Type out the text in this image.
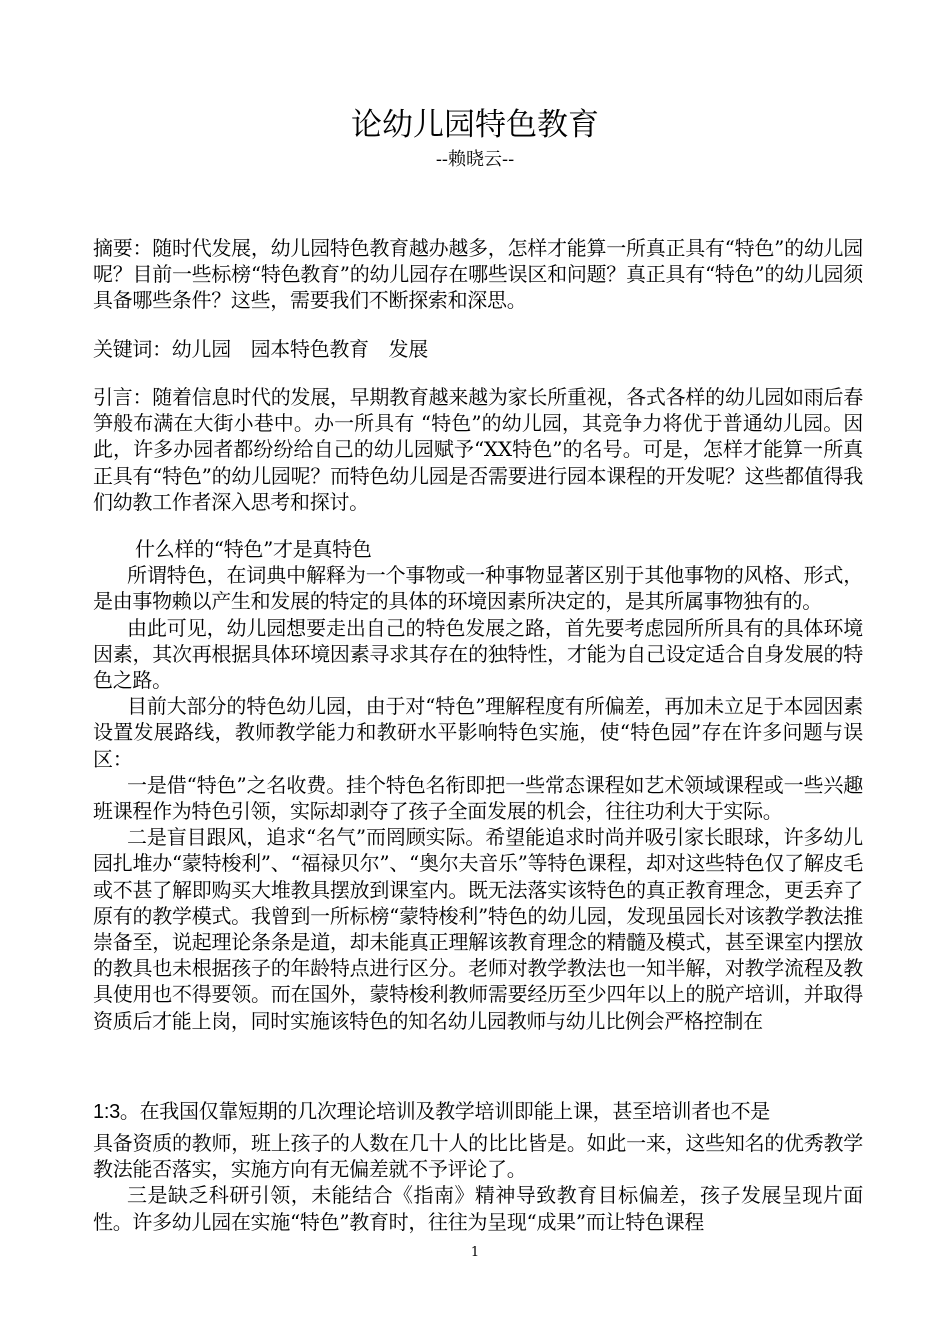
论幼儿园特色教育
--赖晓云--

摘要：随时代发展，幼儿园特色教育越办越多，怎样才能算一所真正具有“特色”的幼儿园呢？目前一些标榜“特色教育”的幼儿园存在哪些误区和问题？真正具有“特色”的幼儿园须具备哪些条件？这些，需要我们不断探索和深思。

关键词：幼儿园　园本特色教育　发展

引言：随着信息时代的发展，早期教育越来越为家长所重视，各式各样的幼儿园如雨后春笋般布满在大街小巷中。办一所具有 “特色”的幼儿园，其竞争力将优于普通幼儿园。因此，许多办园者都纷纷给自己的幼儿园赋予“XX特色”的名号。可是，怎样才能算一所真正具有“特色”的幼儿园呢？而特色幼儿园是否需要进行园本课程的开发呢？这些都值得我们幼教工作者深入思考和探讨。

什么样的“特色”才是真特色

所谓特色，在词典中解释为一个事物或一种事物显著区别于其他事物的风格、形式，是由事物赖以产生和发展的特定的具体的环境因素所决定的，是其所属事物独有的。

由此可见，幼儿园想要走出自己的特色发展之路，首先要考虑园所所具有的具体环境因素，其次再根据具体环境因素寻求其存在的独特性，才能为自己设定适合自身发展的特色之路。

目前大部分的特色幼儿园，由于对“特色”理解程度有所偏差，再加未立足于本园因素设置发展路线，教师教学能力和教研水平影响特色实施，使“特色园”存在许多问题与误区：

一是借“特色”之名收费。挂个特色名衔即把一些常态课程如艺术领域课程或一些兴趣班课程作为特色引领，实际却剥夺了孩子全面发展的机会，往往功利大于实际。

二是盲目跟风，追求“名气”而罔顾实际。希望能追求时尚并吸引家长眼球，许多幼儿园扎堆办“蒙特梭利”、“福禄贝尔”、“奥尔夫音乐”等特色课程，却对这些特色仅了解皮毛或不甚了解即购买大堆教具摆放到课室内。既无法落实该特色的真正教育理念，更丢弃了原有的教学模式。我曾到一所标榜“蒙特梭利”特色的幼儿园，发现虽园长对该教学教法推崇备至，说起理论条条是道，却未能真正理解该教育理念的精髓及模式，甚至课室内摆放的教具也未根据孩子的年龄特点进行区分。老师对教学教法也一知半解，对教学流程及教具使用也不得要领。而在国外，蒙特梭利教师需要经历至少四年以上的脱产培训，并取得资质后才能上岗，同时实施该特色的知名幼儿园教师与幼儿比例会严格控制在

1:3。在我国仅靠短期的几次理论培训及教学培训即能上课，甚至培训者也不是

具备资质的教师，班上孩子的人数在几十人的比比皆是。如此一来，这些知名的优秀教学教法能否落实，实施方向有无偏差就不予评论了。

三是缺乏科研引领，未能结合《指南》精神导致教育目标偏差，孩子发展呈现片面性。许多幼儿园在实施“特色”教育时，往往为呈现“成果”而让特色课程

1
